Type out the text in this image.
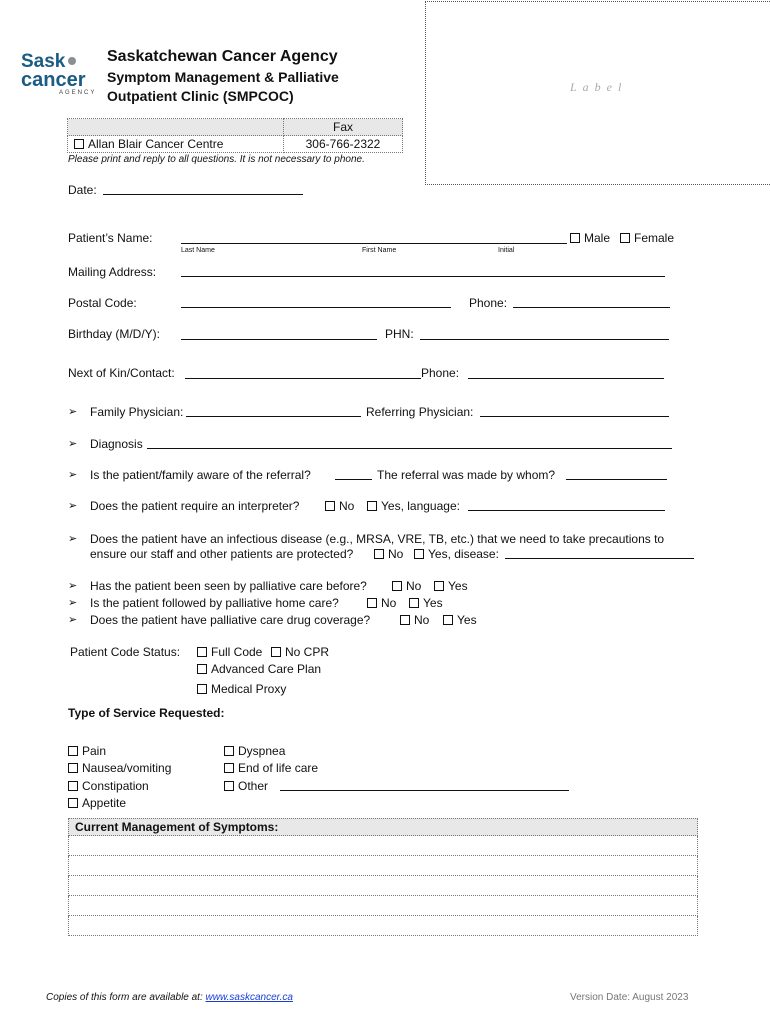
Sask
cancer
AGENCY
Saskatchewan Cancer Agency
Symptom Management & Palliative
Outpatient Clinic (SMPCOC)
Label
	Fax
Allan Blair Cancer Centre	306-766-2322
Please print and reply to all questions. It is not necessary to phone.
Date:
Patient’s Name:	Male	Female
Last Name	First Name	Initial
Mailing Address:
Postal Code:	Phone:
Birthday (M/D/Y):	PHN:
Next of Kin/Contact:	Phone:
➢ Family Physician:	Referring Physician:
➢ Diagnosis
➢ Is the patient/family aware of the referral?	The referral was made by whom?
➢ Does the patient require an interpreter?	No	Yes, language:
➢ Does the patient have an infectious disease (e.g., MRSA, VRE, TB, etc.) that we need to take precautions to
ensure our staff and other patients are protected?	No	Yes, disease:
➢ Has the patient been seen by palliative care before?	No	Yes
➢ Is the patient followed by palliative home care?	No	Yes
➢ Does the patient have palliative care drug coverage?	No	Yes
Patient Code Status:	Full Code	No CPR
Advanced Care Plan
Medical Proxy
Type of Service Requested:
Pain
Nausea/vomiting
Constipation
Appetite
Dyspnea
End of life care
Other
Current Management of Symptoms:
Copies of this form are available at: www.saskcancer.ca	Version Date: August 2023
